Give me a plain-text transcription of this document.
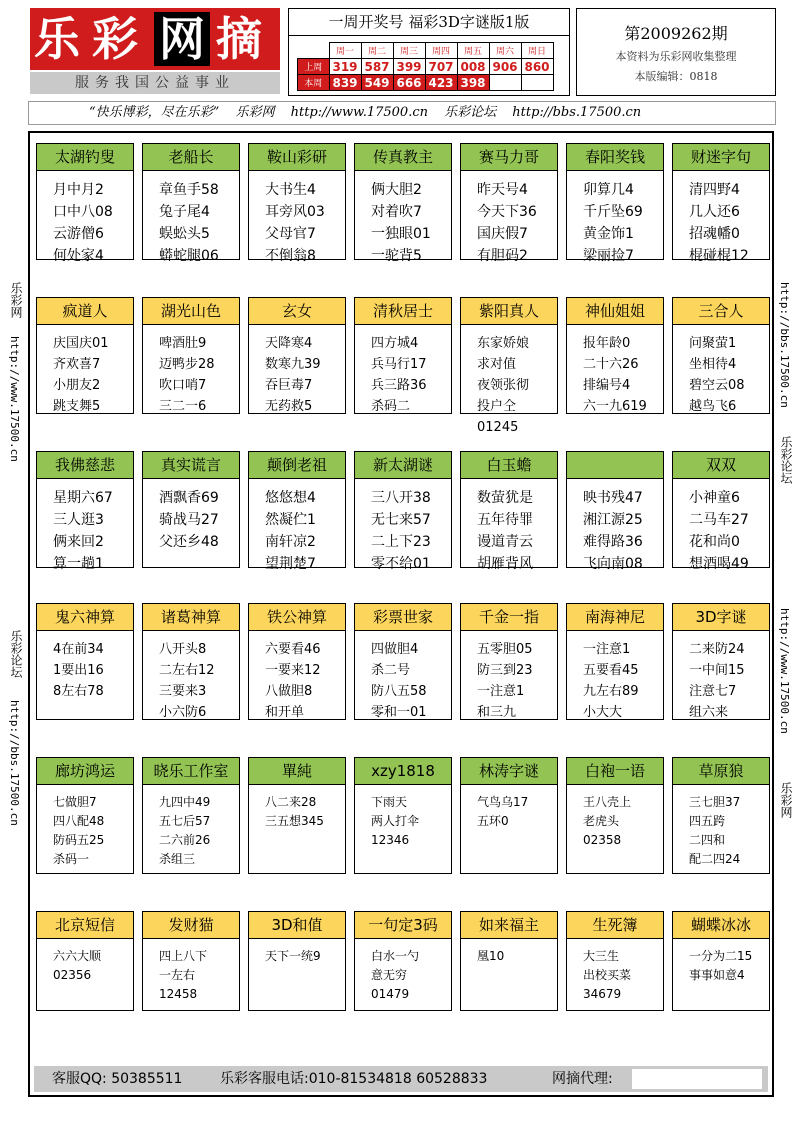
乐 彩 网 摘
服务我国公益事业
一周开奖号 福彩3D字谜版1版
	周一	周二	周三	周四	周五	周六	周日
上周	319	587	399	707	008	906	860
本周	839	549	666	423	398		
第2009262期
本资料为乐彩网收集整理
本版编辑：0818
“快乐博彩，尽在乐彩” 乐彩网 http://www.17500.cn 乐彩论坛 http://bbs.17500.cn
乐彩网
http://www.17500.cn
乐彩论坛
http://bbs.17500.cn
http://bbs.17500.cn
乐彩论坛
http://www.17500.cn
乐彩网
太湖钓叟
月中月2
口中八08
云游僧6
何处家4
老船长
章鱼手58
兔子尾4
蜈蚣头5
蟒蛇腿06
鞍山彩研
大书生4
耳旁风03
父母官7
不倒翁8
传真教主
俩大胆2
对着吹7
一独眼01
一驼背5
赛马力哥
昨天号4
今天下36
国庆假7
有胆码2
春阳奖钱
卯算几4
千斤坠69
黄金饰1
梁丽捡7
财迷字句
清四野4
几人还6
招魂幡0
棍碰棍12
疯道人
庆国庆01
齐欢喜7
小朋友2
跳支舞5
湖光山色
啤酒肚9
迈鸭步28
吹口哨7
三二一6
玄女
天降寒4
数寒九39
吞巨毒7
无药救5
清秋居士
四方城4
兵马行17
兵三路36
杀码二
紫阳真人
东家娇娘
求对值
夜领张彻
投户仝
01245
神仙姐姐
报年龄0
二十六26
排编号4
六一九619
三合人
问聚萤1
坐相待4
碧空云08
越鸟飞6
我佛慈悲
星期六67
三人逛3
俩来回2
算一趟1
真实谎言
酒飘香69
骑战马27
父还乡48
颠倒老祖
悠悠想4
然凝伫1
南轩凉2
望荆楚7
新太湖谜
三八开38
无七来57
二上下23
零不给01
白玉蟾
数萤犹是
五年待罪
谩道青云
胡雁背风
映书残47
湘江源25
难得路36
飞向南08
双双
小神童6
二马车27
花和尚0
想酒喝49
鬼六神算
4在前34
1要出16
8左右78
诸葛神算
八开头8
二左右12
三要来3
小六防6
铁公神算
六要看46
一要来12
八做胆8
和开单
彩票世家
四做胆4
杀二号
防八五58
零和一01
千金一指
五零胆05
防三到23
一注意1
和三九
南海神尼
一注意1
五要看45
九左右89
小大大
3D字谜
二来防24
一中间15
注意七7
组六来
廊坊鸿运
七做胆7
四八配48
防码五25
杀码一
晓乐工作室
九四中49
五七后57
二六前26
杀组三
單純
八二来28
三五想345
xzy1818
下雨天
两人打伞
12346
林涛字谜
气鸟乌17
五环0
白袍一语
王八壳上
老虎头
02358
草原狼
三七胆37
四五跨
二四和
配二四24
北京短信
六六大顺
02356
发财猫
四上八下
一左右
12458
3D和值
天下一统9
一句定3码
白水一勺
意无穷
01479
如来福主
凰10
生死簿
大三生
出校买菜
34679
蝴蝶冰冰
一分为二15
事事如意4
客服QQ: 50385511	乐彩客服电话:010-81534818 60528833	网摘代理:
